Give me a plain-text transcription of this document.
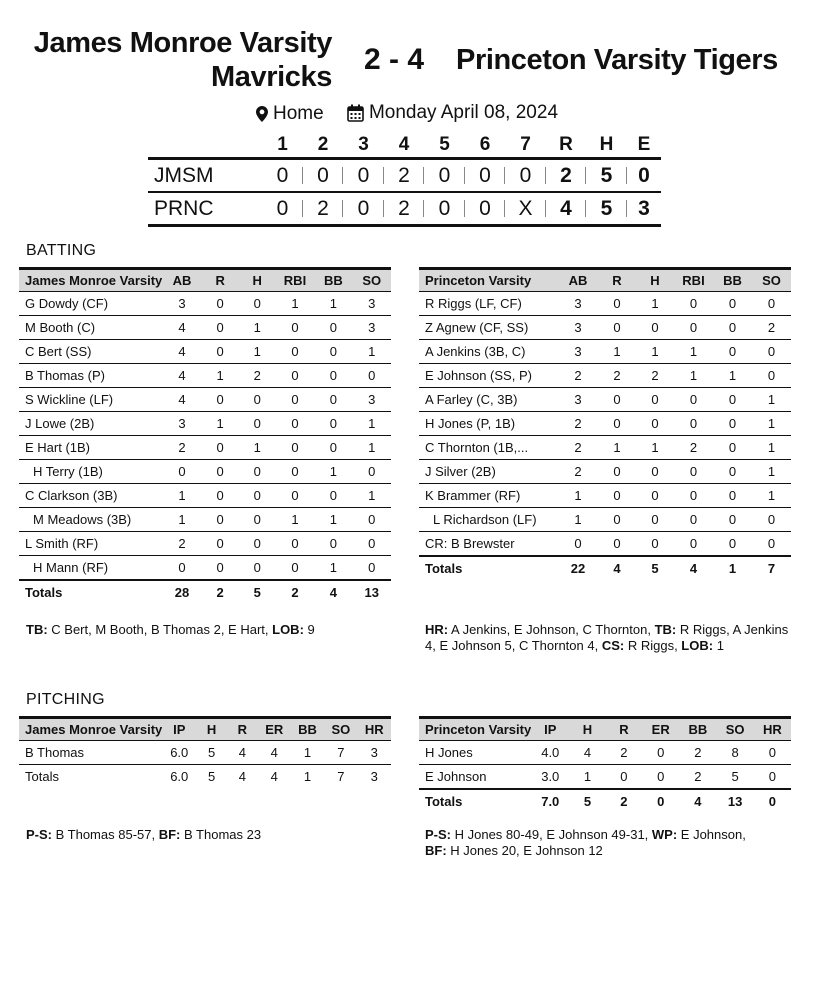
James Monroe Varsity Mavricks
2 - 4 Princeton Varsity Tigers
Home
Monday April 08, 2024
	1	2	3	4	5	6	7	R	H	E
JMSM	0	0	0	2	0	0	0	2	5	0
PRNC	0	2	0	2	0	0	X	4	5	3
BATTING
James Monroe Varsity	AB	R	H	RBI	BB	SO

G Dowdy (CF)	3	0	0	1	1	3
M Booth (C)	4	0	1	0	0	3
C Bert (SS)	4	0	1	0	0	1
B Thomas (P)	4	1	2	0	0	0
S Wickline (LF)	4	0	0	0	0	3
J Lowe (2B)	3	1	0	0	0	1
E Hart (1B)	2	0	1	0	0	1
H Terry (1B)	0	0	0	0	1	0
C Clarkson (3B)	1	0	0	0	0	1
M Meadows (3B)	1	0	0	1	1	0
L Smith (RF)	2	0	0	0	0	0
H Mann (RF)	0	0	0	0	1	0
Totals	28	2	5	2	4	13
Princeton Varsity	AB	R	H	RBI	BB	SO

R Riggs (LF, CF)	3	0	1	0	0	0
Z Agnew (CF, SS)	3	0	0	0	0	2
A Jenkins (3B, C)	3	1	1	1	0	0
E Johnson (SS, P)	2	2	2	1	1	0
A Farley (C, 3B)	3	0	0	0	0	1
H Jones (P, 1B)	2	0	0	0	0	1
C Thornton (1B,...	2	1	1	2	0	1
J Silver (2B)	2	0	0	0	0	1
K Brammer (RF)	1	0	0	0	0	1
L Richardson (LF)	1	0	0	0	0	0
CR: B Brewster	0	0	0	0	0	0
Totals	22	4	5	4	1	7
TB: C Bert, M Booth, B Thomas 2, E Hart, LOB: 9	HR: A Jenkins, E Johnson, C Thornton, TB: R Riggs, A Jenkins 4, E Johnson 5, C Thornton 4, CS: R Riggs, LOB: 1
PITCHING
James Monroe Varsity	IP	H	R	ER	BB	SO	HR

B Thomas	6.0	5	4	4	1	7	3
Totals	6.0	5	4	4	1	7	3
Princeton Varsity	IP	H	R	ER	BB	SO	HR

H Jones	4.0	4	2	0	2	8	0
E Johnson	3.0	1	0	0	2	5	0
Totals	7.0	5	2	0	4	13	0
P-S: B Thomas 85-57, BF: B Thomas 23	P-S: H Jones 80-49, E Johnson 49-31, WP: E Johnson, BF: H Jones 20, E Johnson 12
